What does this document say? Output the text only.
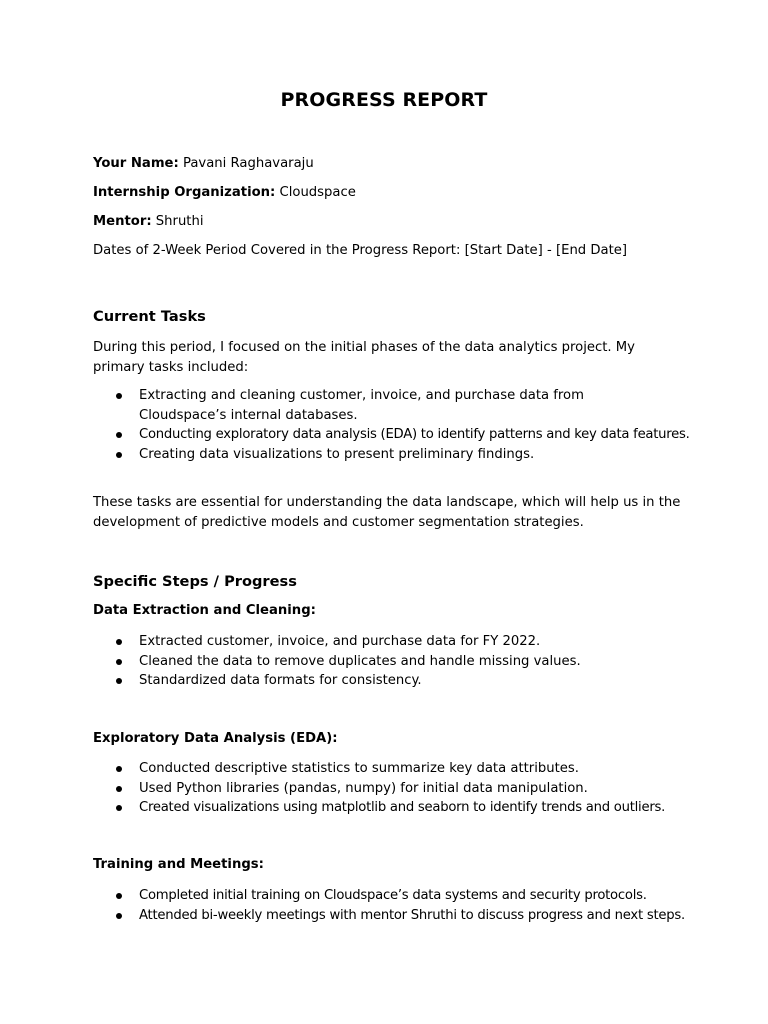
PROGRESS REPORT
Your Name: Pavani Raghavaraju
Internship Organization: Cloudspace
Mentor: Shruthi
Dates of 2-Week Period Covered in the Progress Report: [Start Date] - [End Date]
Current Tasks
During this period, I focused on the initial phases of the data analytics project. My primary tasks included:
Extracting and cleaning customer, invoice, and purchase data from Cloudspace’s internal databases.
Conducting exploratory data analysis (EDA) to identify patterns and key data features.
Creating data visualizations to present preliminary findings.
These tasks are essential for understanding the data landscape, which will help us in the development of predictive models and customer segmentation strategies.
Specific Steps / Progress
Data Extraction and Cleaning:
Extracted customer, invoice, and purchase data for FY 2022.
Cleaned the data to remove duplicates and handle missing values.
Standardized data formats for consistency.
Exploratory Data Analysis (EDA):
Conducted descriptive statistics to summarize key data attributes.
Used Python libraries (pandas, numpy) for initial data manipulation.
Created visualizations using matplotlib and seaborn to identify trends and outliers.
Training and Meetings:
Completed initial training on Cloudspace’s data systems and security protocols.
Attended bi-weekly meetings with mentor Shruthi to discuss progress and next steps.
